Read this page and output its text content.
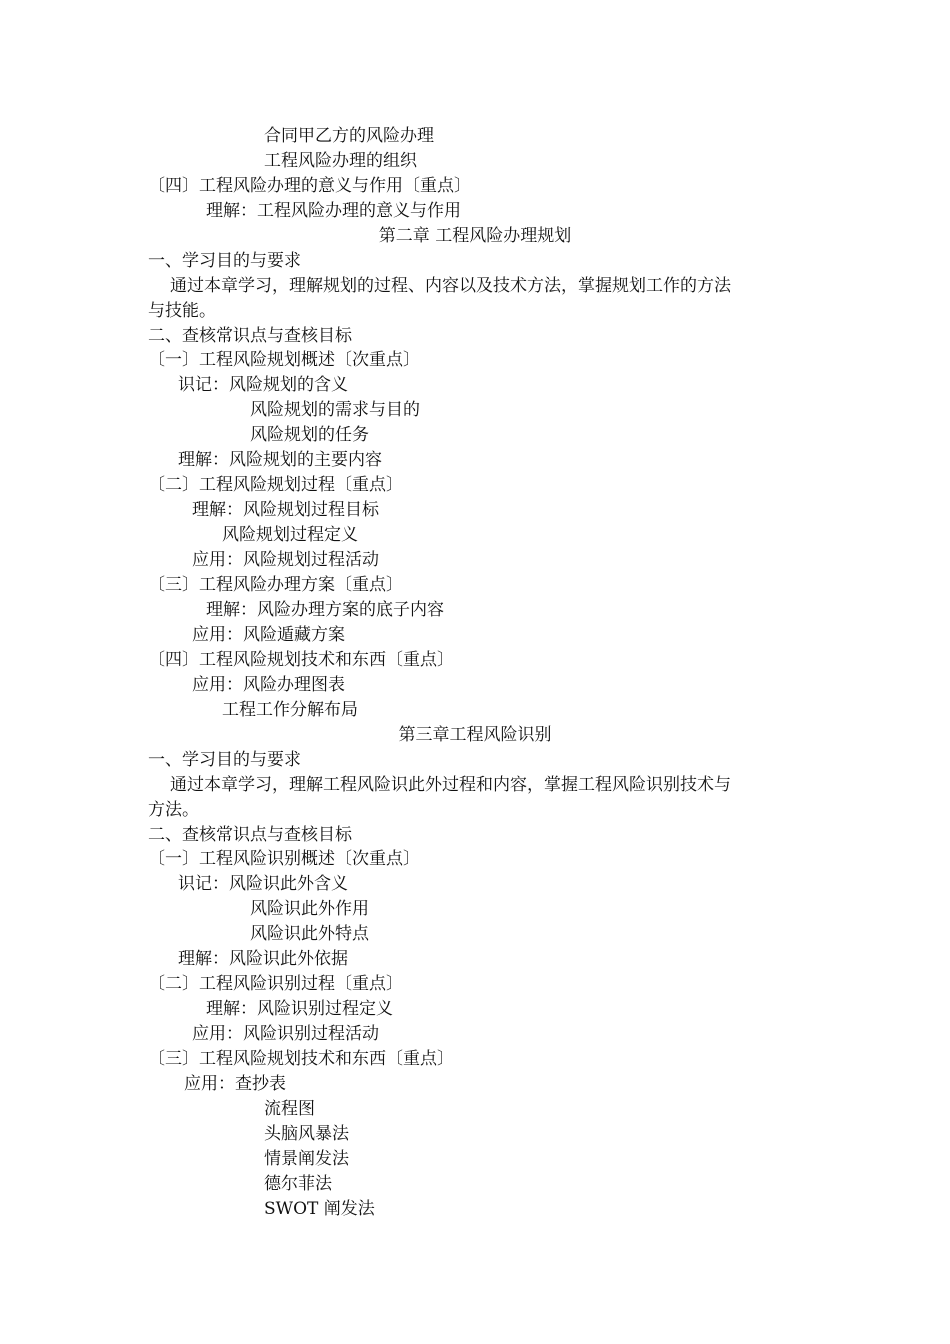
合同甲乙方的风险办理
工程风险办理的组织
〔四〕工程风险办理的意义与作用〔重点〕
理解：工程风险办理的意义与作用
第二章 工程风险办理规划
一、学习目的与要求
通过本章学习，理解规划的过程、内容以及技术方法，掌握规划工作的方法
与技能。
二、查核常识点与查核目标
〔一〕工程风险规划概述〔次重点〕
识记：风险规划的含义
风险规划的需求与目的
风险规划的任务
理解：风险规划的主要内容
〔二〕工程风险规划过程〔重点〕
理解：风险规划过程目标
风险规划过程定义
应用：风险规划过程活动
〔三〕工程风险办理方案〔重点〕
理解：风险办理方案的底子内容
应用：风险遁藏方案
〔四〕工程风险规划技术和东西〔重点〕
应用：风险办理图表
工程工作分解布局
第三章工程风险识别
一、学习目的与要求
通过本章学习，理解工程风险识此外过程和内容，掌握工程风险识别技术与
方法。
二、查核常识点与查核目标
〔一〕工程风险识别概述〔次重点〕
识记：风险识此外含义
风险识此外作用
风险识此外特点
理解：风险识此外依据
〔二〕工程风险识别过程〔重点〕
理解：风险识别过程定义
应用：风险识别过程活动
〔三〕工程风险规划技术和东西〔重点〕
应用：查抄表
流程图
头脑风暴法
情景阐发法
德尔菲法
SWOT 阐发法
